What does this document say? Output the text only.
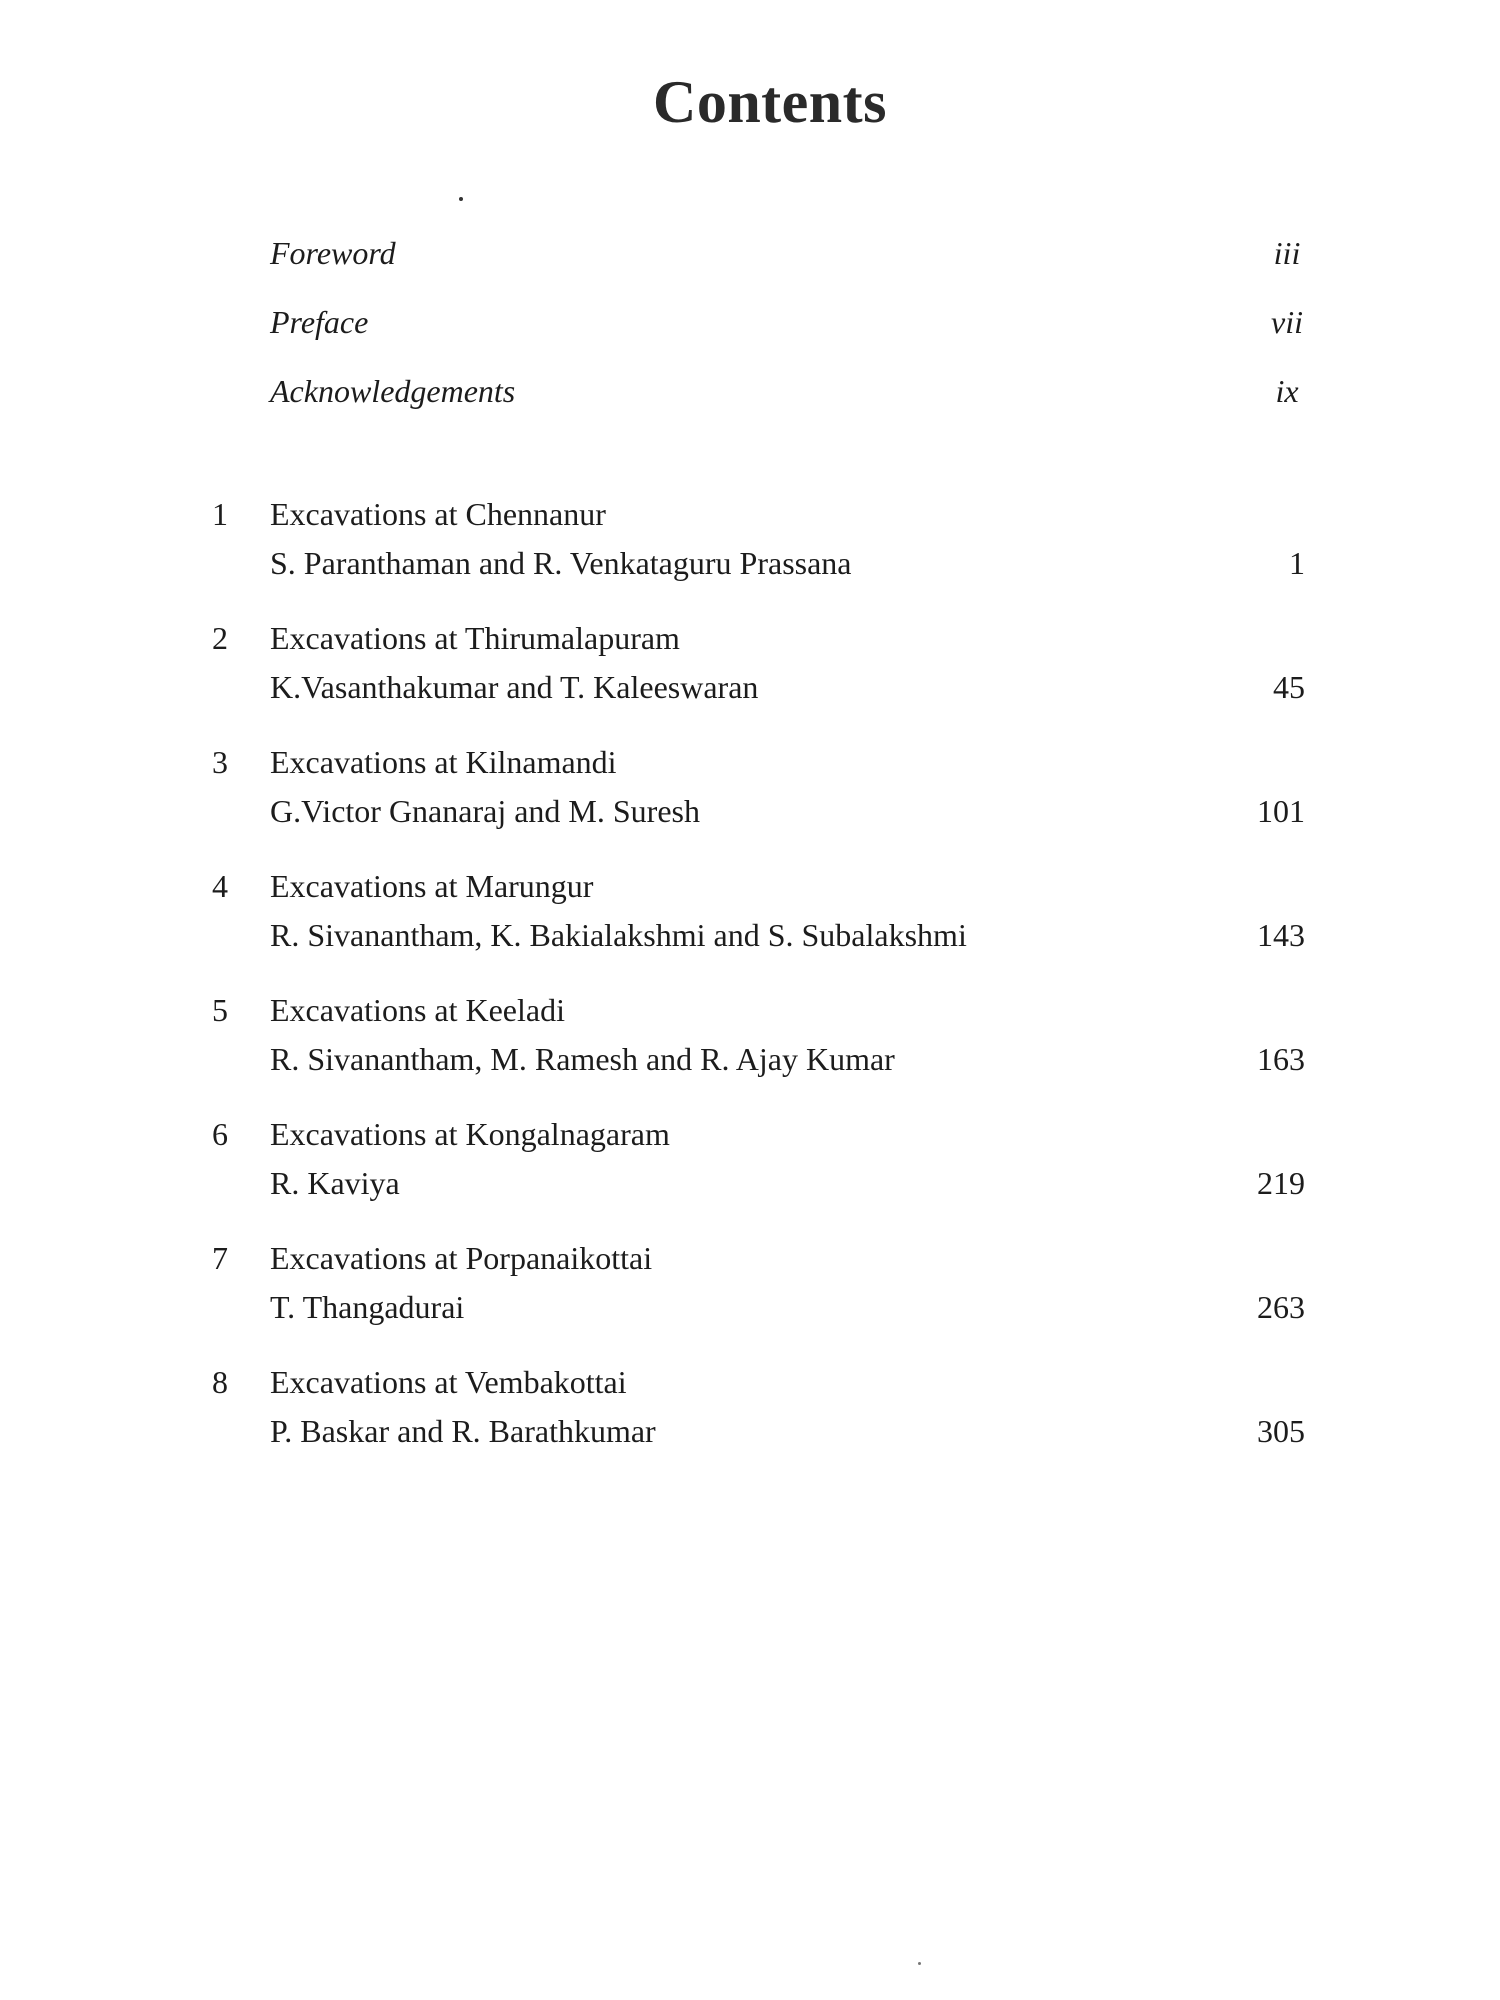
Contents
Foreword	iii
Preface	vii
Acknowledgements	ix
1 Excavations at Chennanur
S. Paranthaman and R. Venkataguru Prassana	1
2 Excavations at Thirumalapuram
K.Vasanthakumar and T. Kaleeswaran	45
3 Excavations at Kilnamandi
G.Victor Gnanaraj and M. Suresh	101
4 Excavations at Marungur
R. Sivanantham, K. Bakialakshmi and S. Subalakshmi	143
5 Excavations at Keeladi
R. Sivanantham, M. Ramesh and R. Ajay Kumar	163
6 Excavations at Kongalnagaram
R. Kaviya	219
7 Excavations at Porpanaikottai
T. Thangadurai	263
8 Excavations at Vembakottai
P. Baskar and R. Barathkumar	305
